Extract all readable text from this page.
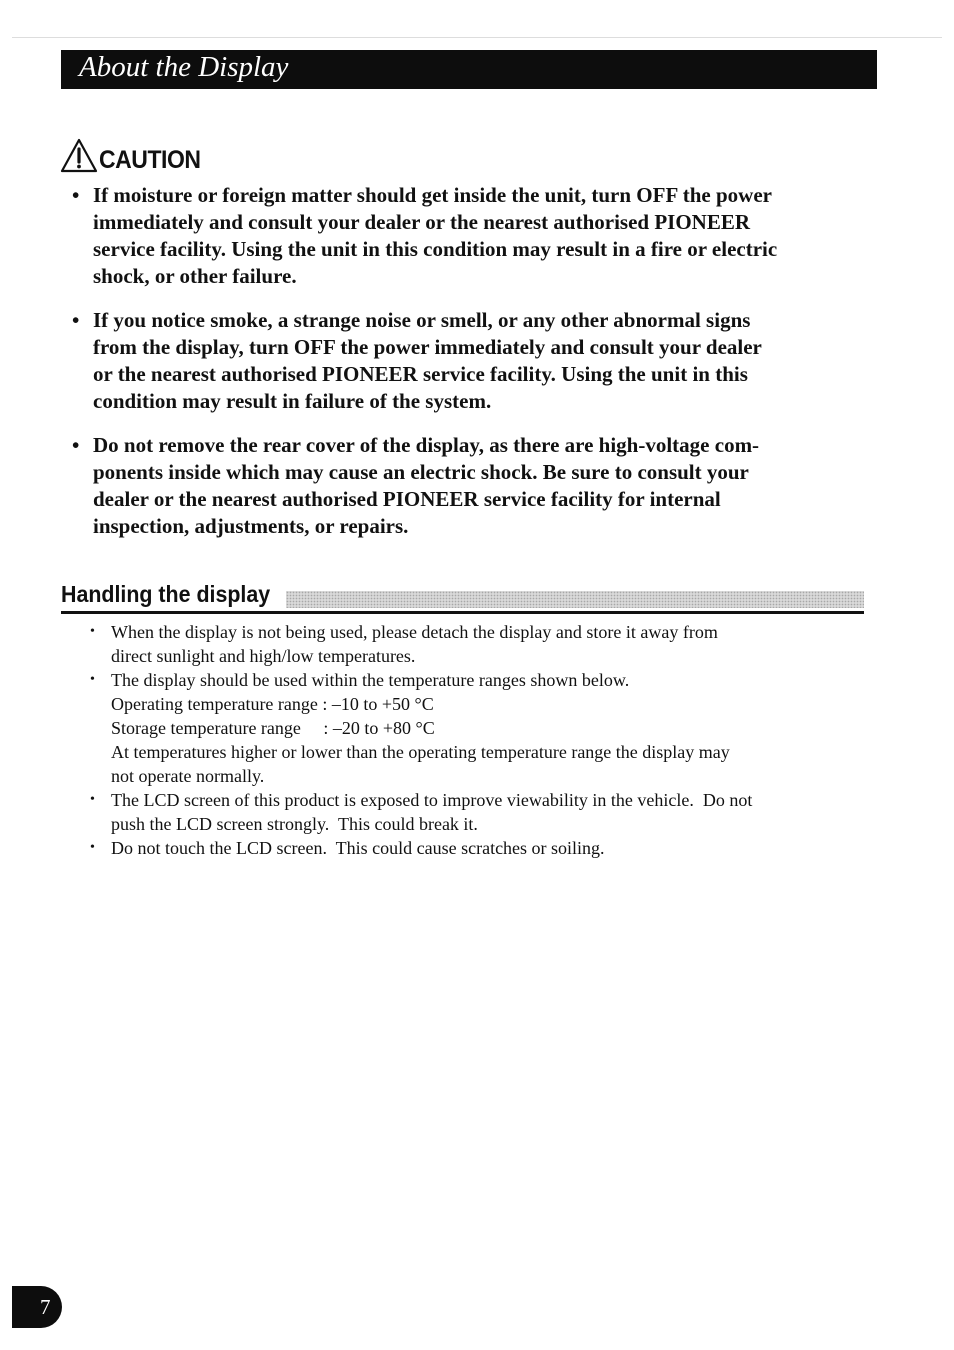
About the Display
CAUTION
• If moisture or foreign matter should get inside the unit, turn OFF the power
immediately and consult your dealer or the nearest authorised PIONEER
service facility. Using the unit in this condition may result in a fire or electric
shock, or other failure.
• If you notice smoke, a strange noise or smell, or any other abnormal signs
from the display, turn OFF the power immediately and consult your dealer
or the nearest authorised PIONEER service facility. Using the unit in this
condition may result in failure of the system.
• Do not remove the rear cover of the display, as there are high-voltage com-
ponents inside which may cause an electric shock. Be sure to consult your
dealer or the nearest authorised PIONEER service facility for internal
inspection, adjustments, or repairs.
Handling the display
• When the display is not being used, please detach the display and store it away from
direct sunlight and high/low temperatures.
• The display should be used within the temperature ranges shown below.
Operating temperature range : –10 to +50 °C
Storage temperature range     : –20 to +80 °C
At temperatures higher or lower than the operating temperature range the display may
not operate normally.
• The LCD screen of this product is exposed to improve viewability in the vehicle.  Do not
push the LCD screen strongly.  This could break it.
• Do not touch the LCD screen.  This could cause scratches or soiling.
7
